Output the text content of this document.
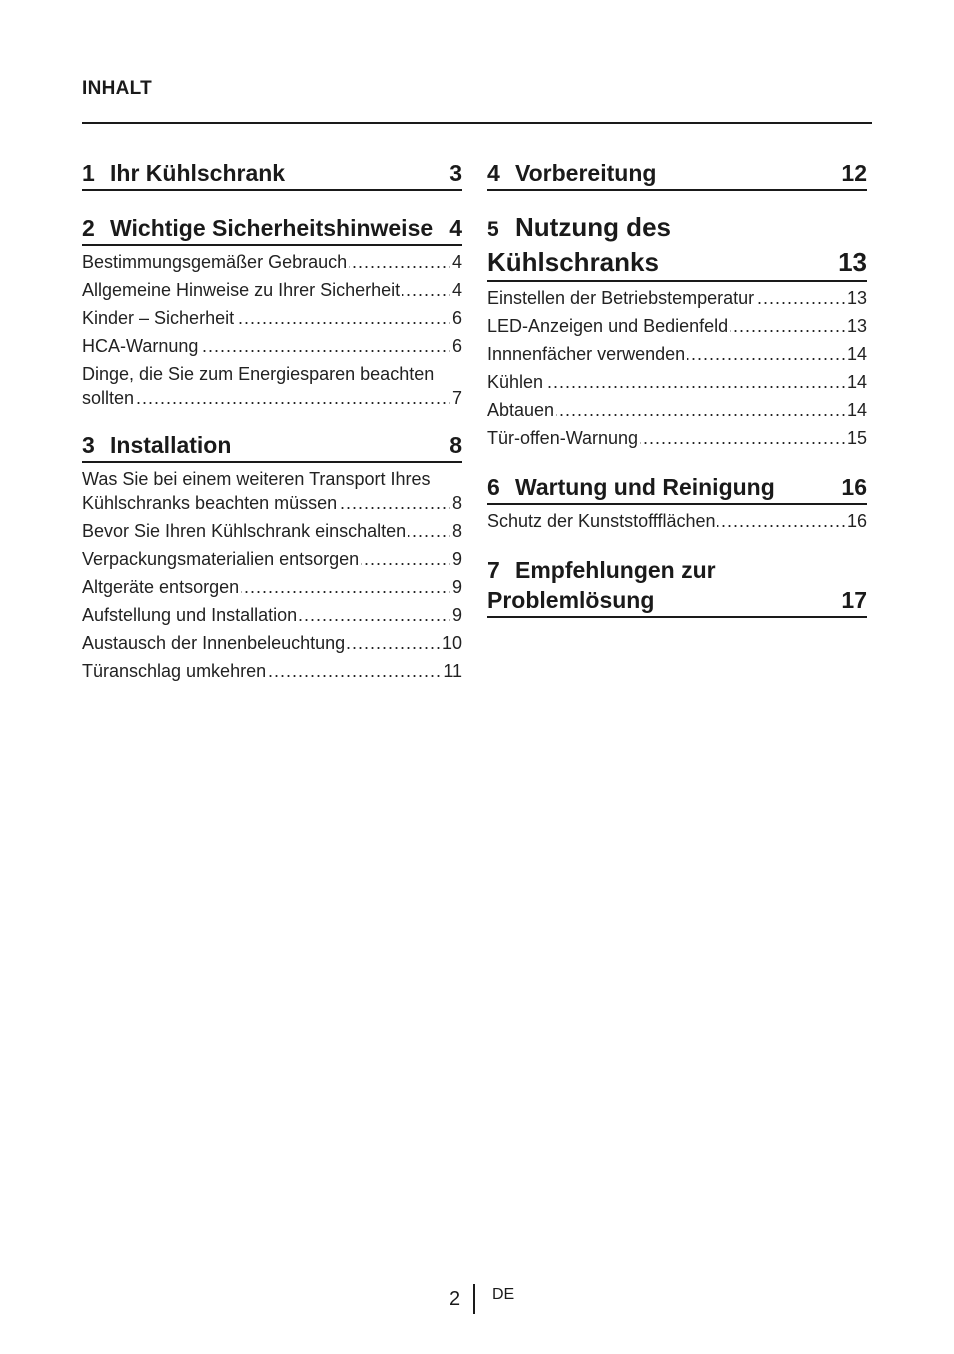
INHALT
1 Ihr Kühlschrank	3
2 Wichtige Sicherheitshinweise 4
Bestimmungsgemäßer Gebrauch .....	4
Allgemeine Hinweise zu Ihrer Sicherheit .....	4
Kinder – Sicherheit .....	6
HCA-Warnung .....	6
Dinge, die Sie zum Energiesparen beachten sollten .....	7
3 Installation	8
Was Sie bei einem weiteren Transport Ihres Kühlschranks beachten müssen .....	8
Bevor Sie Ihren Kühlschrank einschalten .....	8
Verpackungsmaterialien entsorgen .....	9
Altgeräte entsorgen .....	9
Aufstellung und Installation .....	9
Austausch der Innenbeleuchtung .....	10
Türanschlag umkehren .....	11
4 Vorbereitung	12
5 Nutzung des Kühlschranks	13
Einstellen der Betriebstemperatur .....	13
LED-Anzeigen und Bedienfeld .....	13
Innnenfächer verwenden .....	14
Kühlen .....	14
Abtauen .....	14
Tür-offen-Warnung .....	15
6 Wartung und Reinigung	16
Schutz der Kunststoffflächen .....	16
7 Empfehlungen zur Problemlösung	17
2 DE
